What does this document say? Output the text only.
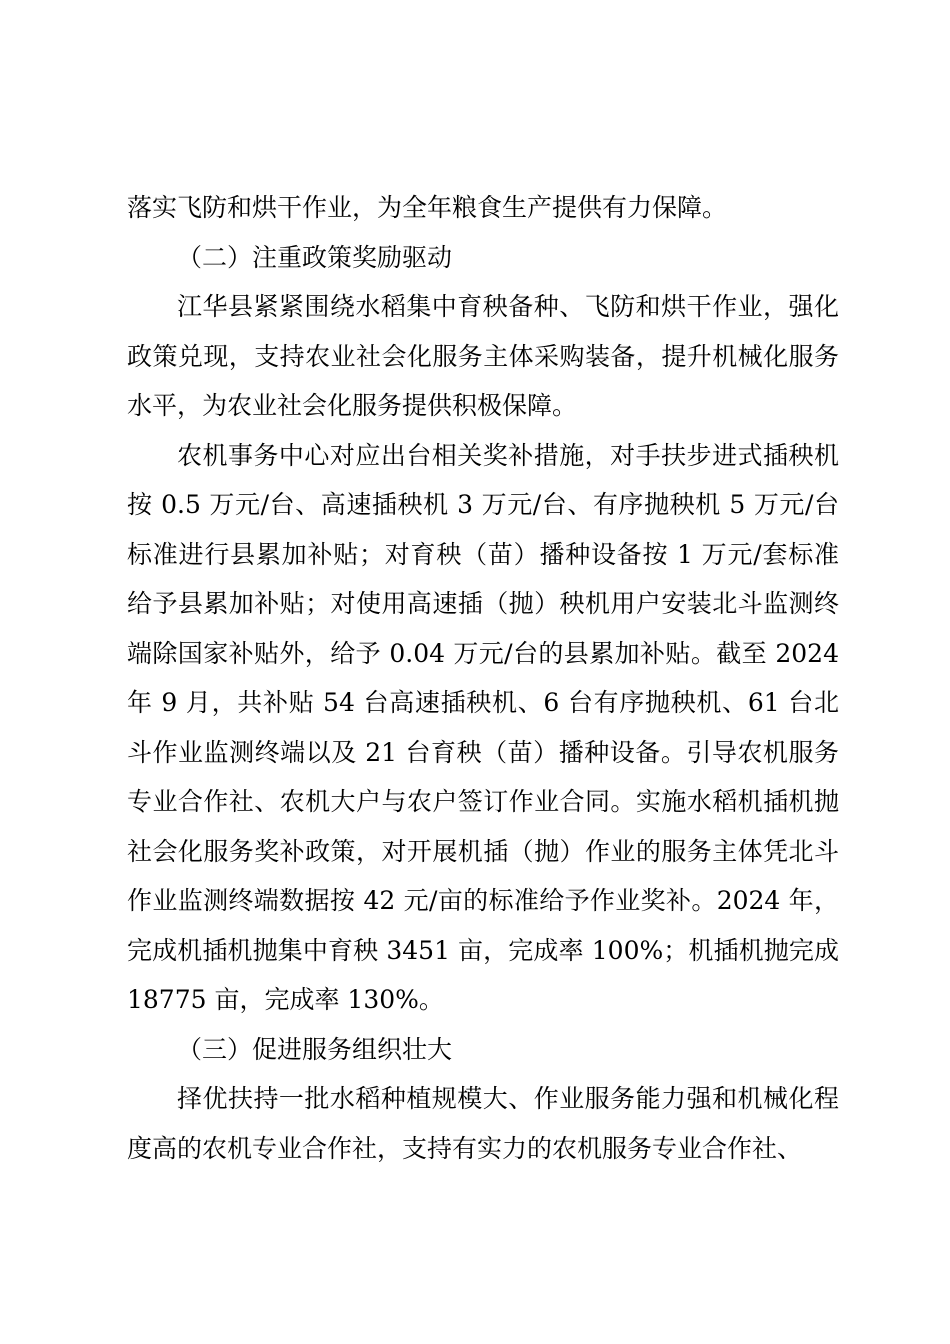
落实飞防和烘干作业，为全年粮食生产提供有力保障。

（二）注重政策奖励驱动

江华县紧紧围绕水稻集中育秧备种、飞防和烘干作业，强化政策兑现，支持农业社会化服务主体采购装备，提升机械化服务水平，为农业社会化服务提供积极保障。

农机事务中心对应出台相关奖补措施，对手扶步进式插秧机按 0.5 万元/台、高速插秧机 3 万元/台、有序抛秧机 5 万元/台标准进行县累加补贴；对育秧（苗）播种设备按 1 万元/套标准给予县累加补贴；对使用高速插（抛）秧机用户安装北斗监测终端除国家补贴外，给予 0.04 万元/台的县累加补贴。截至 2024 年 9 月，共补贴 54 台高速插秧机、6 台有序抛秧机、61 台北斗作业监测终端以及 21 台育秧（苗）播种设备。引导农机服务专业合作社、农机大户与农户签订作业合同。实施水稻机插机抛社会化服务奖补政策，对开展机插（抛）作业的服务主体凭北斗作业监测终端数据按 42 元/亩的标准给予作业奖补。2024 年，完成机插机抛集中育秧 3451 亩，完成率 100%；机插机抛完成 18775 亩，完成率 130%。

（三）促进服务组织壮大

择优扶持一批水稻种植规模大、作业服务能力强和机械化程度高的农机专业合作社，支持有实力的农机服务专业合作社、
